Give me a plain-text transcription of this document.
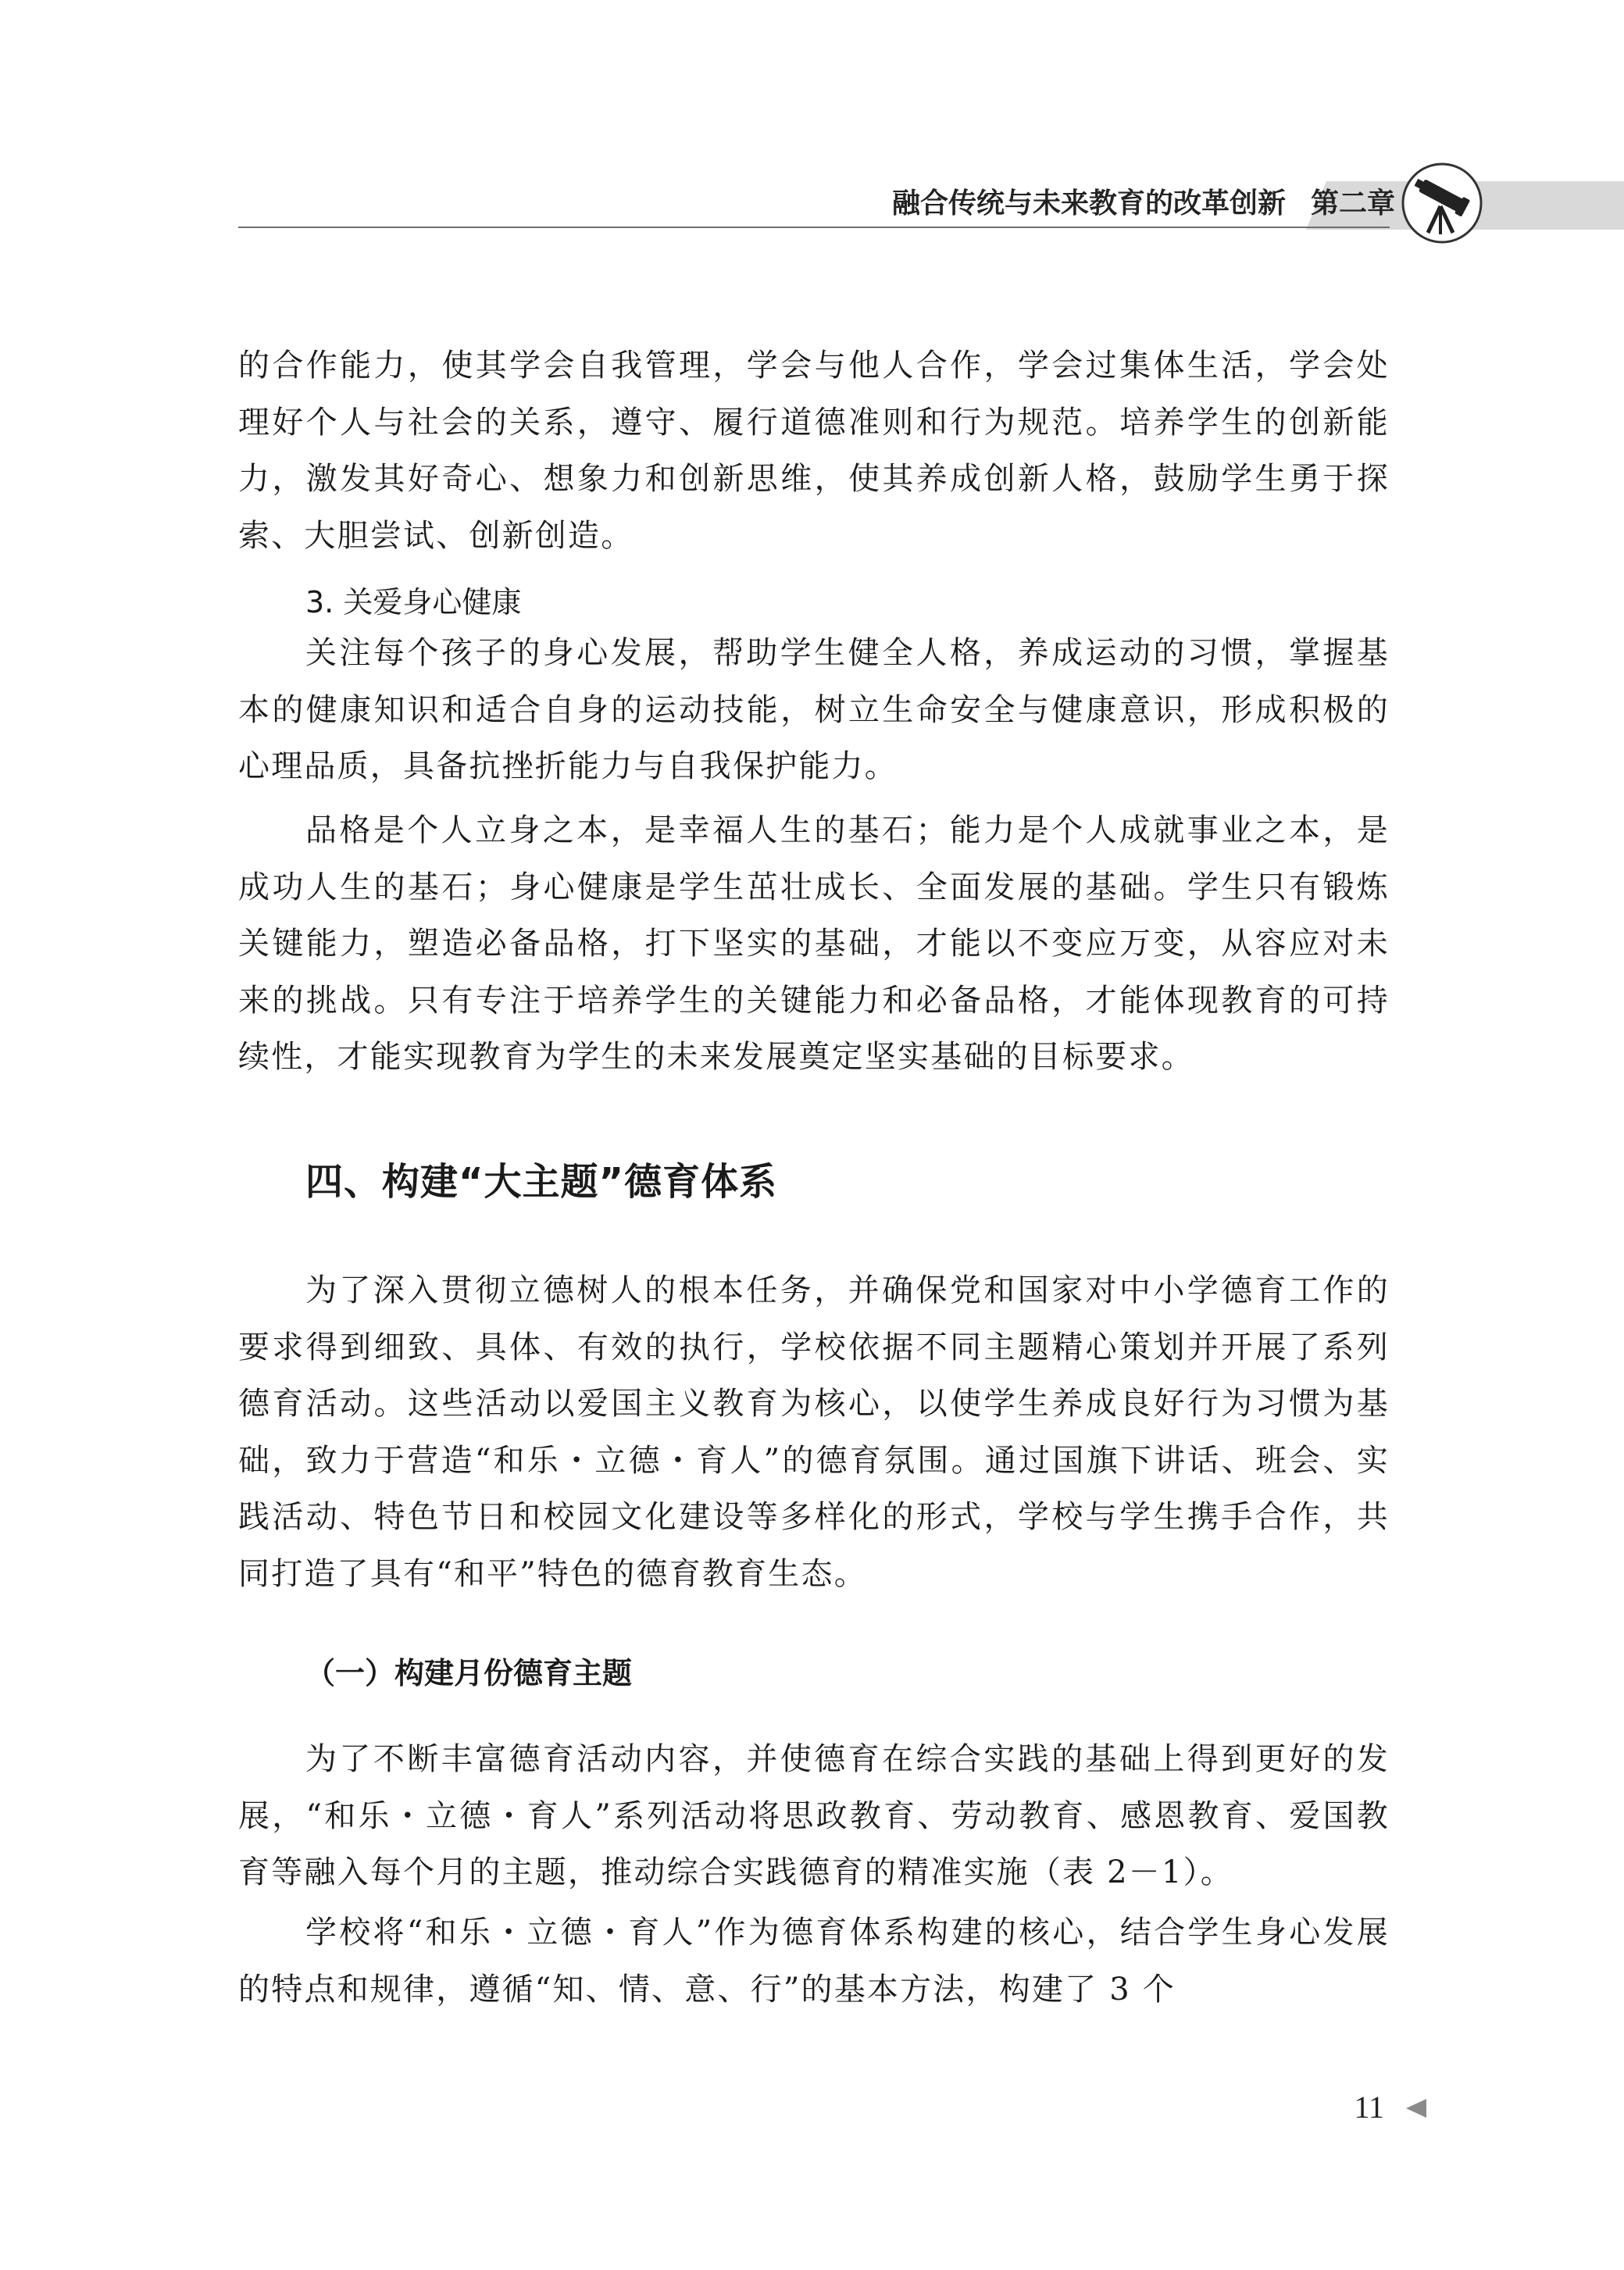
融合传统与未来教育的改革创新 第二章

的合作能力，使其学会自我管理，学会与他人合作，学会过集体生活，学会处理好个人与社会的关系，遵守、履行道德准则和行为规范。培养学生的创新能力，激发其好奇心、想象力和创新思维，使其养成创新人格，鼓励学生勇于探索、大胆尝试、创新创造。

3. 关爱身心健康

关注每个孩子的身心发展，帮助学生健全人格，养成运动的习惯，掌握基本的健康知识和适合自身的运动技能，树立生命安全与健康意识，形成积极的心理品质，具备抗挫折能力与自我保护能力。

品格是个人立身之本，是幸福人生的基石；能力是个人成就事业之本，是成功人生的基石；身心健康是学生茁壮成长、全面发展的基础。学生只有锻炼关键能力，塑造必备品格，打下坚实的基础，才能以不变应万变，从容应对未来的挑战。只有专注于培养学生的关键能力和必备品格，才能体现教育的可持续性，才能实现教育为学生的未来发展奠定坚实基础的目标要求。

四、构建“大主题”德育体系

为了深入贯彻立德树人的根本任务，并确保党和国家对中小学德育工作的要求得到细致、具体、有效的执行，学校依据不同主题精心策划并开展了系列德育活动。这些活动以爱国主义教育为核心，以使学生养成良好行为习惯为基础，致力于营造“和乐・立德・育人”的德育氛围。通过国旗下讲话、班会、实践活动、特色节日和校园文化建设等多样化的形式，学校与学生携手合作，共同打造了具有“和平”特色的德育教育生态。

（一）构建月份德育主题

为了不断丰富德育活动内容，并使德育在综合实践的基础上得到更好的发展，“和乐・立德・育人”系列活动将思政教育、劳动教育、感恩教育、爱国教育等融入每个月的主题，推动综合实践德育的精准实施（表 2－1）。

学校将“和乐・立德・育人”作为德育体系构建的核心，结合学生身心发展的特点和规律，遵循“知、情、意、行”的基本方法，构建了 3 个

11
